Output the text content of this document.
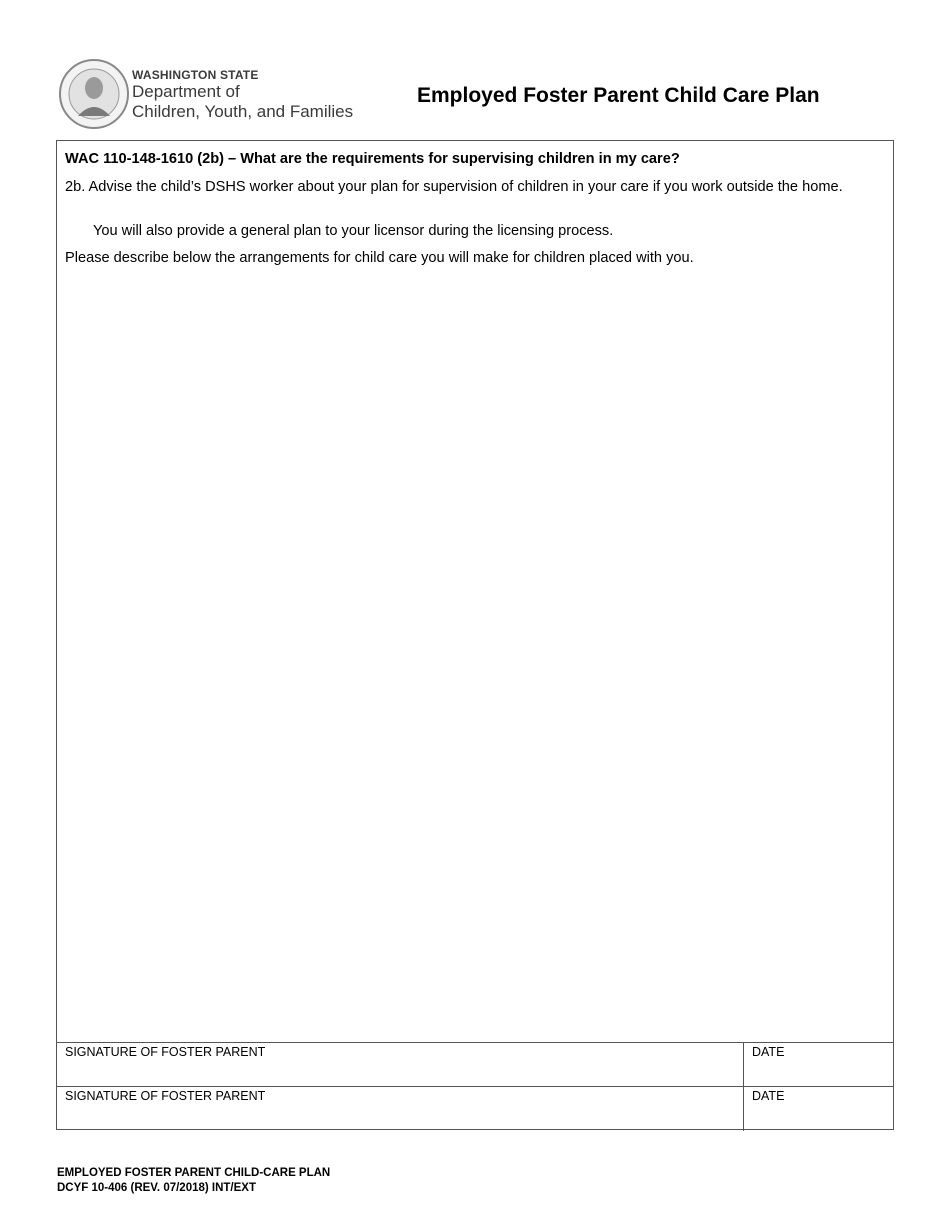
WASHINGTON STATE
Department of
Children, Youth, and Families
Employed Foster Parent Child Care Plan
WAC 110-148-1610 (2b) – What are the requirements for supervising children in my care?
2b. Advise the child’s DSHS worker about your plan for supervision of children in your care if you work outside the home.
You will also provide a general plan to your licensor during the licensing process.
Please describe below the arrangements for child care you will make for children placed with you.
SIGNATURE OF FOSTER PARENT	DATE
SIGNATURE OF FOSTER PARENT	DATE
EMPLOYED FOSTER PARENT CHILD-CARE PLAN
DCYF 10-406 (REV. 07/2018) INT/EXT
